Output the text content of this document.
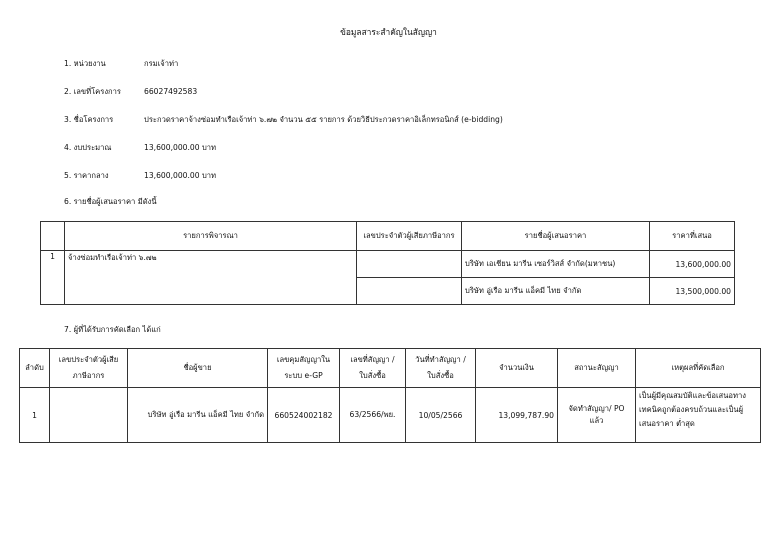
ข้อมูลสาระสำคัญในสัญญา
1. หน่วยงาน	กรมเจ้าท่า
2. เลขที่โครงการ	66027492583
3. ชื่อโครงการ	ประกวดราคาจ้างซ่อมทำเรือเจ้าท่า ๖.๗๒ จำนวน ๕๕ รายการ ด้วยวิธีประกวดราคาอิเล็กทรอนิกส์ (e-bidding)
4. งบประมาณ	13,600,000.00 บาท
5. ราคากลาง	13,600,000.00 บาท
6. รายชื่อผู้เสนอราคา มีดังนี้
	รายการพิจารณา	เลขประจำตัวผู้เสียภาษีอากร	รายชื่อผู้เสนอราคา	ราคาที่เสนอ
1	จ้างซ่อมทำเรือเจ้าท่า ๖.๗๒		บริษัท เอเชียน มารีน เซอร์วิสส์ จำกัด(มหาชน)	13,600,000.00
			บริษัท อู่เรือ มารีน แอ็คมี ไทย จำกัด	13,500,000.00
7. ผู้ที่ได้รับการคัดเลือก ได้แก่
ลำดับ	เลขประจำตัวผู้เสียภาษีอากร	ชื่อผู้ขาย	เลขคุมสัญญาในระบบ e-GP	เลขที่สัญญา / ใบสั่งซื้อ	วันที่ทำสัญญา / ใบสั่งซื้อ	จำนวนเงิน	สถานะสัญญา	เหตุผลที่คัดเลือก
1		บริษัท อู่เรือ มารีน แอ็คมี ไทย จำกัด	660524002182	63/2566/พย.	10/05/2566	13,099,787.90	จัดทำสัญญา/ PO แล้ว	เป็นผู้มีคุณสมบัติและข้อเสนอทางเทคนิคถูกต้องครบถ้วนและเป็นผู้เสนอราคา ต่ำสุด
